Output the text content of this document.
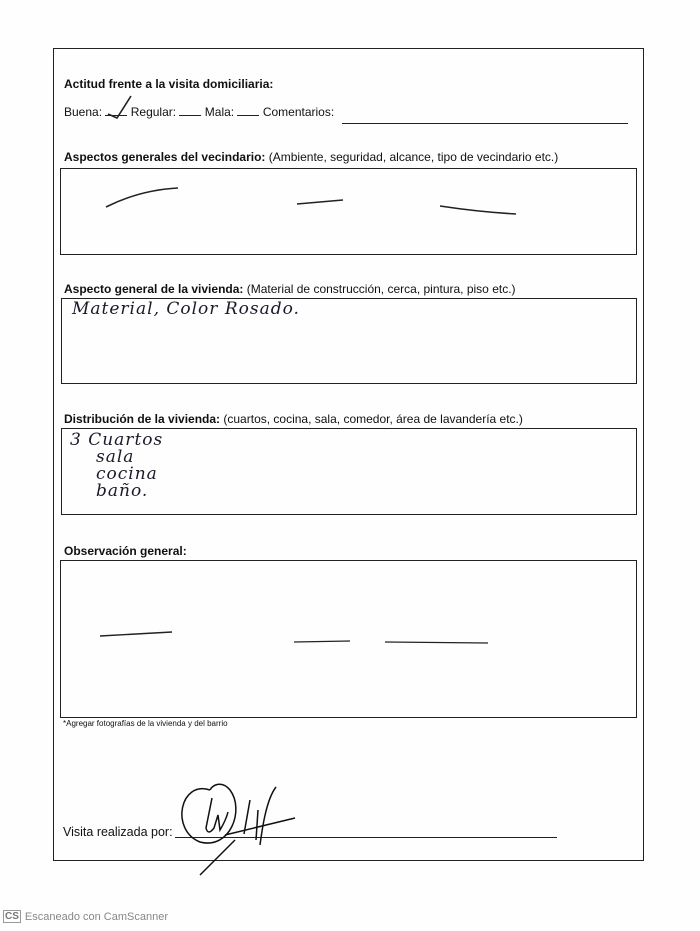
Actitud frente a la visita domiciliaria:
Buena: Regular: Mala: Comentarios:
Aspectos generales del vecindario: (Ambiente, seguridad, alcance, tipo de vecindario etc.)
Aspecto general de la vivienda: (Material de construcción, cerca, pintura, piso etc.)
Material, Color Rosado.
Distribución de la vivienda: (cuartos, cocina, sala, comedor, área de lavandería etc.)
3 Cuartos
sala
cocina
baño.
Observación general:
*Agregar fotografías de la vivienda y del barrio
Visita realizada por:
CS Escaneado con CamScanner
